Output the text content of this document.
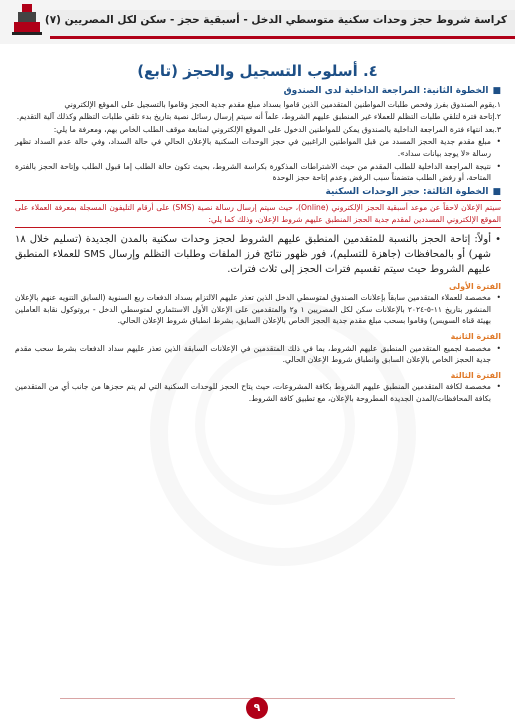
كراسة شروط حجز وحدات سكنية متوسطي الدخل - أسبقية حجز - سكن لكل المصريين (٧)
٤. أسلوب التسجيل والحجز (تابع)
■الخطوة الثانية: المراجعة الداخلية لدى الصندوق
١.يقوم الصندوق بفرز وفحص طلبات المواطنين المتقدمين الذين قاموا بسداد مبلغ مقدم جدية الحجز وقاموا بالتسجيل على الموقع الإلكتروني
٢.إتاحة فترة لتلقي طلبات التظلم للعملاء غير المنطبق عليهم الشروط، علماً أنه سيتم إرسال رسائل نصية بتاريخ بدء تلقي طلبات التظلم وكذلك آلية التقديم.
٣.بعد انتهاء فترة المراجعة الداخلية بالصندوق يمكن للمواطنين الدخول على الموقع الإلكتروني لمتابعة موقف الطلب الخاص بهم، ومعرفة ما يلي:
• مبلغ مقدم جدية الحجز المسدد من قبل المواطنين الراغبين في حجز الوحدات السكنية بالإعلان الحالي في حالة السداد، وفي حالة عدم السداد تظهر رسالة «لا يوجد بيانات سداد».
• نتيجة المراجعة الداخلية للطلب المقدم من حيث الاشتراطات المذكورة بكراسة الشروط، بحيث تكون حالة الطلب إما قبول الطلب وإتاحة الحجز بالفترة المتاحة، أو رفض الطلب متضمناً سبب الرفض وعدم إتاحة حجز الوحدة
■الخطوة الثالثة: حجز الوحدات السكنية
سيتم الإعلان لاحقاً عن موعد أسبقية الحجز الإلكتروني (Online)، حيث سيتم إرسال رسالة نصية (SMS) على أرقام التليفون المسجلة بمعرفة العملاء على الموقع الإلكتروني المسددين لمقدم جدية الحجز المنطبق عليهم شروط الإعلان، وذلك كما يلي:
• أولاً: إتاحة الحجز بالنسبة للمتقدمين المنطبق عليهم الشروط لحجز وحدات سكنية بالمدن الجديدة (تسليم خلال ١٨ شهر) أو بالمحافظات (جاهزة للتسليم)، فور ظهور نتائج فرز الملفات وطلبات التظلم وإرسال SMS للعملاء المنطبق عليهم الشروط حيث سيتم تقسيم فترات الحجز إلى ثلاث فترات.
الفترة الأولى
• مخصصة للعملاء المتقدمين سابقاً بإعلانات الصندوق لمتوسطي الدخل الذين تعذر عليهم الالتزام بسداد الدفعات ربع السنوية (السابق التنويه عنهم بالإعلان المنشور بتاريخ ١١-٥-٢٠٢٤ بالإعلانات سكن لكل المصريين ١ و٢ والمتقدمين على الإعلان الأول الاستثماري لمتوسطي الدخل - بروتوكول نقابة العاملين بهيئة قناة السويس) وقاموا بسحب مبلغ مقدم جدية الحجز الخاص بالإعلان السابق، بشرط انطباق شروط الإعلان الحالي.
الفترة الثانية
• مخصصة لجميع المتقدمين المنطبق عليهم الشروط، بما في ذلك المتقدمين في الإعلانات السابقة الذين تعذر عليهم سداد الدفعات بشرط سحب مقدم جدية الحجز الخاص بالإعلان السابق وانطباق شروط الإعلان الحالي.
الفترة الثالثة
• مخصصة لكافة المتقدمين المنطبق عليهم الشروط بكافة المشروعات، حيث يتاح الحجز للوحدات السكنية التي لم يتم حجزها من جانب أي من المتقدمين بكافة المحافظات/المدن الجديدة المطروحة بالإعلان، مع تطبيق كافة الشروط.
٩
